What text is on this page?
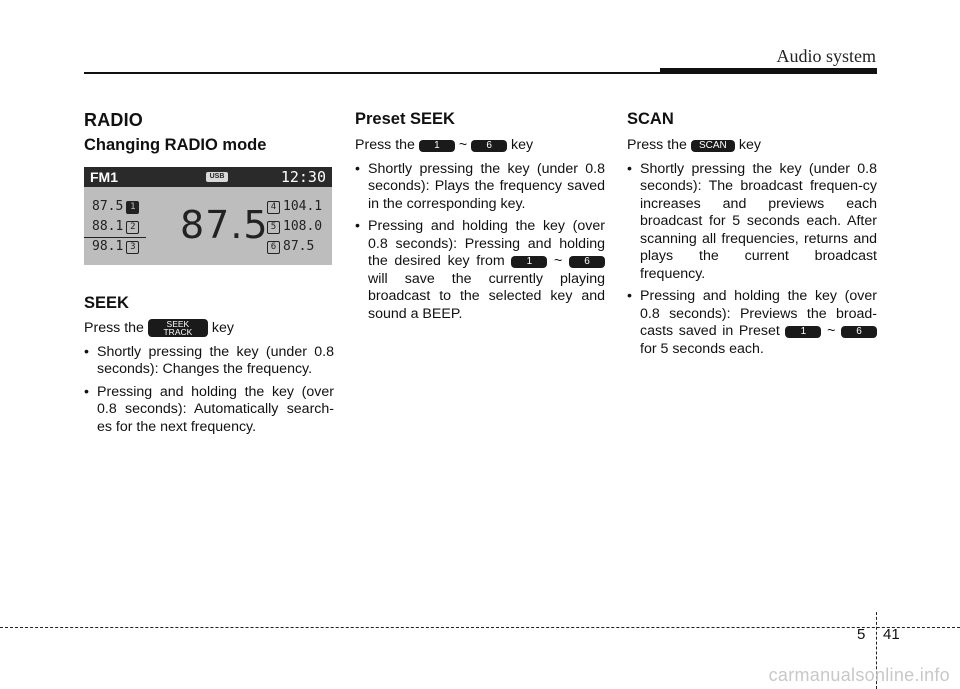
Audio system
RADIO
Changing RADIO mode
FM1	USB	12:30
87.5 1
88.1 2
98.1 3 87.5 4 104.1
5 108.0
6 87.5
SEEK
Press the	SEEK
TRACK	key
• Shortly pressing the key (under 0.8 seconds): Changes the frequency.
• Pressing and holding the key (over 0.8 seconds): Automatically search-es for the next frequency.
Preset SEEK
Press the 1 ~ 6 key
• Shortly pressing the key (under 0.8 seconds): Plays the frequency saved in the corresponding key.
• Pressing and holding the key (over 0.8 seconds): Pressing and holding the desired key from 1 ~ 6 will save the currently playing broadcast to the selected key and sound a BEEP.
SCAN
Press the SCAN key
• Shortly pressing the key (under 0.8 seconds): The broadcast frequen-cy increases and previews each broadcast for 5 seconds each. After scanning all frequencies, returns and plays the current broadcast frequency.
• Pressing and holding the key (over 0.8 seconds): Previews the broad-casts saved in Preset 1 ~ 6 for 5 seconds each.
5 41
carmanualsonline.info
